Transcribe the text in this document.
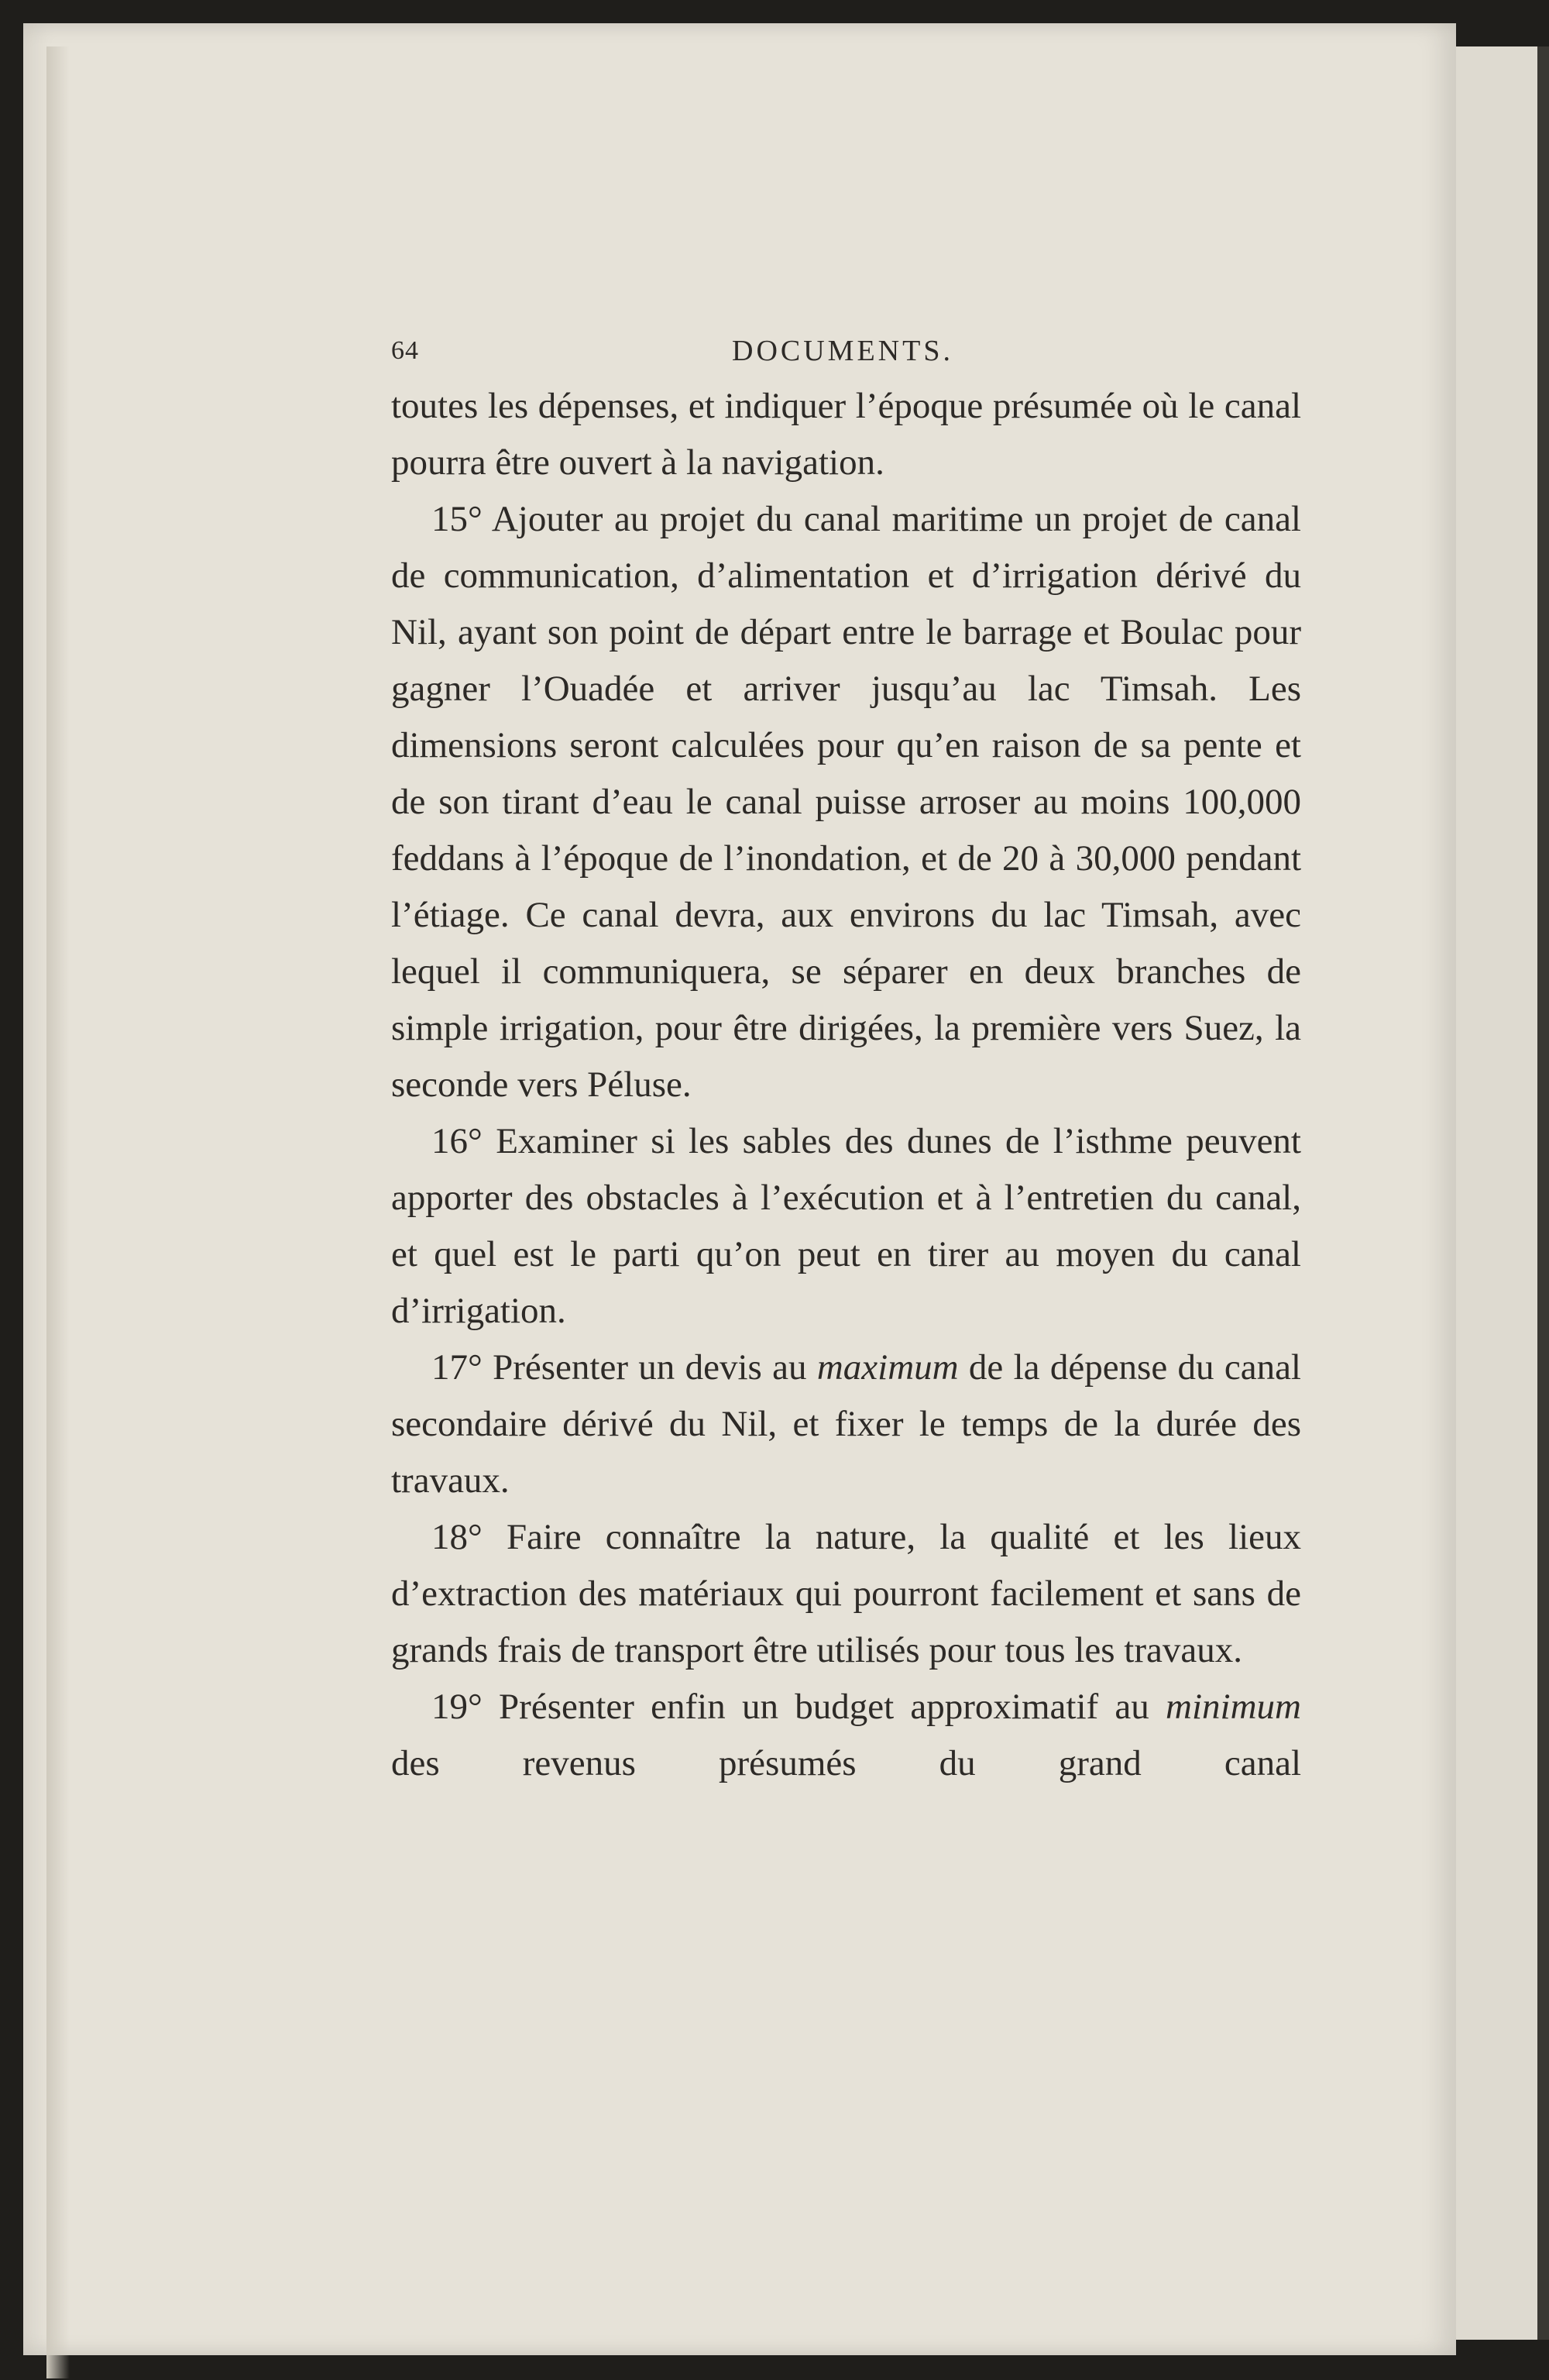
64	DOCUMENTS.

toutes les dépenses, et indiquer l’époque présumée où le canal pourra être ouvert à la navigation.

15° Ajouter au projet du canal maritime un projet de canal de communication, d’alimentation et d’irrigation dérivé du Nil, ayant son point de départ entre le barrage et Boulac pour gagner l’Ouadée et arriver jusqu’au lac Timsah. Les dimensions seront calculées pour qu’en raison de sa pente et de son tirant d’eau le canal puisse arroser au moins 100,000 feddans à l’époque de l’inondation, et de 20 à 30,000 pendant l’étiage. Ce canal devra, aux environs du lac Timsah, avec lequel il communiquera, se séparer en deux branches de simple irrigation, pour être dirigées, la première vers Suez, la seconde vers Péluse.

16° Examiner si les sables des dunes de l’isthme peuvent apporter des obstacles à l’exécution et à l’entretien du canal, et quel est le parti qu’on peut en tirer au moyen du canal d’irrigation.

17° Présenter un devis au maximum de la dépense du canal secondaire dérivé du Nil, et fixer le temps de la durée des travaux.

18° Faire connaître la nature, la qualité et les lieux d’extraction des matériaux qui pourront facilement et sans de grands frais de transport être utilisés pour tous les travaux.

19° Présenter enfin un budget approximatif au minimum des revenus présumés du grand canal
